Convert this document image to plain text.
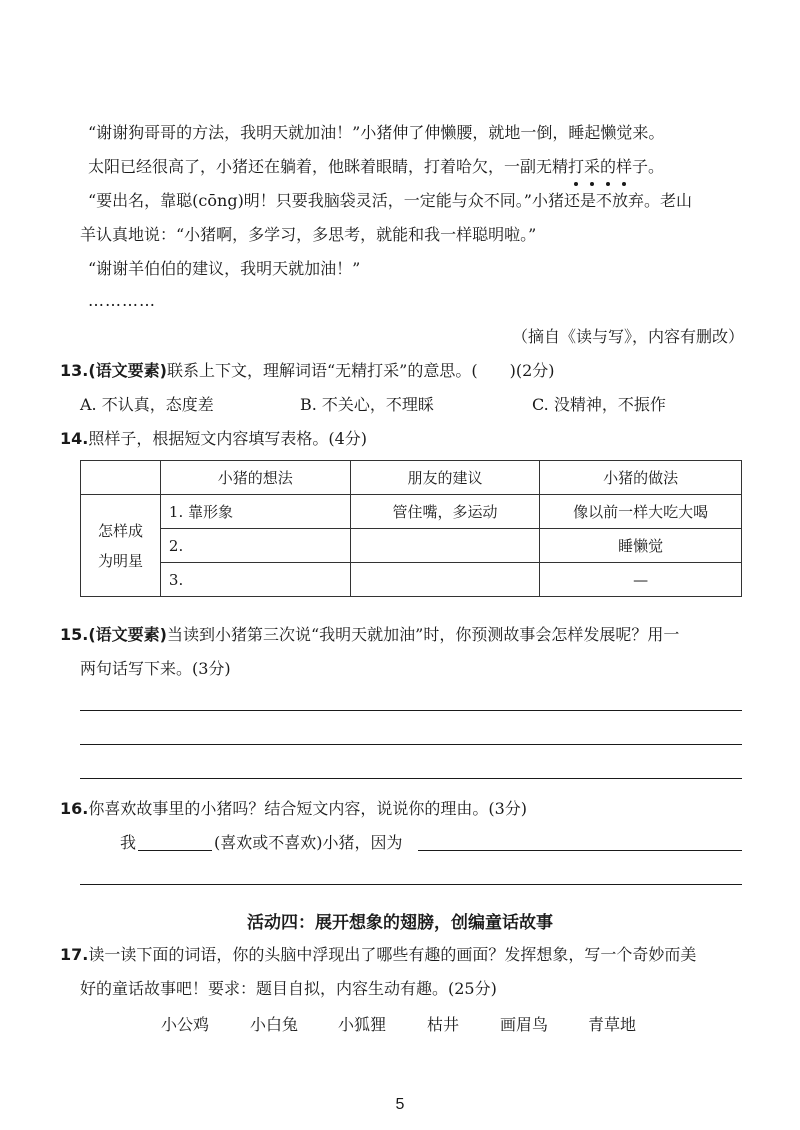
“谢谢狗哥哥的方法，我明天就加油！”小猪伸了伸懒腰，就地一倒，睡起懒觉来。
太阳已经很高了，小猪还在躺着，他眯着眼睛，打着哈欠，一副无精打采的样子。
“要出名，靠聪(cōng)明！只要我脑袋灵活，一定能与众不同。”小猪还是不放弃。老山
羊认真地说：“小猪啊，多学习，多思考，就能和我一样聪明啦。”
“谢谢羊伯伯的建议，我明天就加油！”
…………
（摘自《读与写》，内容有删改）
13.(语文要素)联系上下文，理解词语“无精打采”的意思。(　　)(2分)
A. 不认真，态度差	B. 不关心，不理睬	C. 没精神，不振作
14.照样子，根据短文内容填写表格。(4分)
	小猪的想法	朋友的建议	小猪的做法

怎样成
为明星	1. 靠形象	管住嘴，多运动	像以前一样大吃大喝
	2.		睡懒觉
	3.		—
15.(语文要素)当读到小猪第三次说“我明天就加油”时，你预测故事会怎样发展呢？用一
两句话写下来。(3分)
16.你喜欢故事里的小猪吗？结合短文内容，说说你的理由。(3分)
我	(喜欢或不喜欢)小猪，因为
活动四：展开想象的翅膀，创编童话故事
17.读一读下面的词语，你的头脑中浮现出了哪些有趣的画面？发挥想象，写一个奇妙而美
好的童话故事吧！要求：题目自拟，内容生动有趣。(25分)
小公鸡	小白兔 小狐狸	枯井	画眉鸟 青草地
5
